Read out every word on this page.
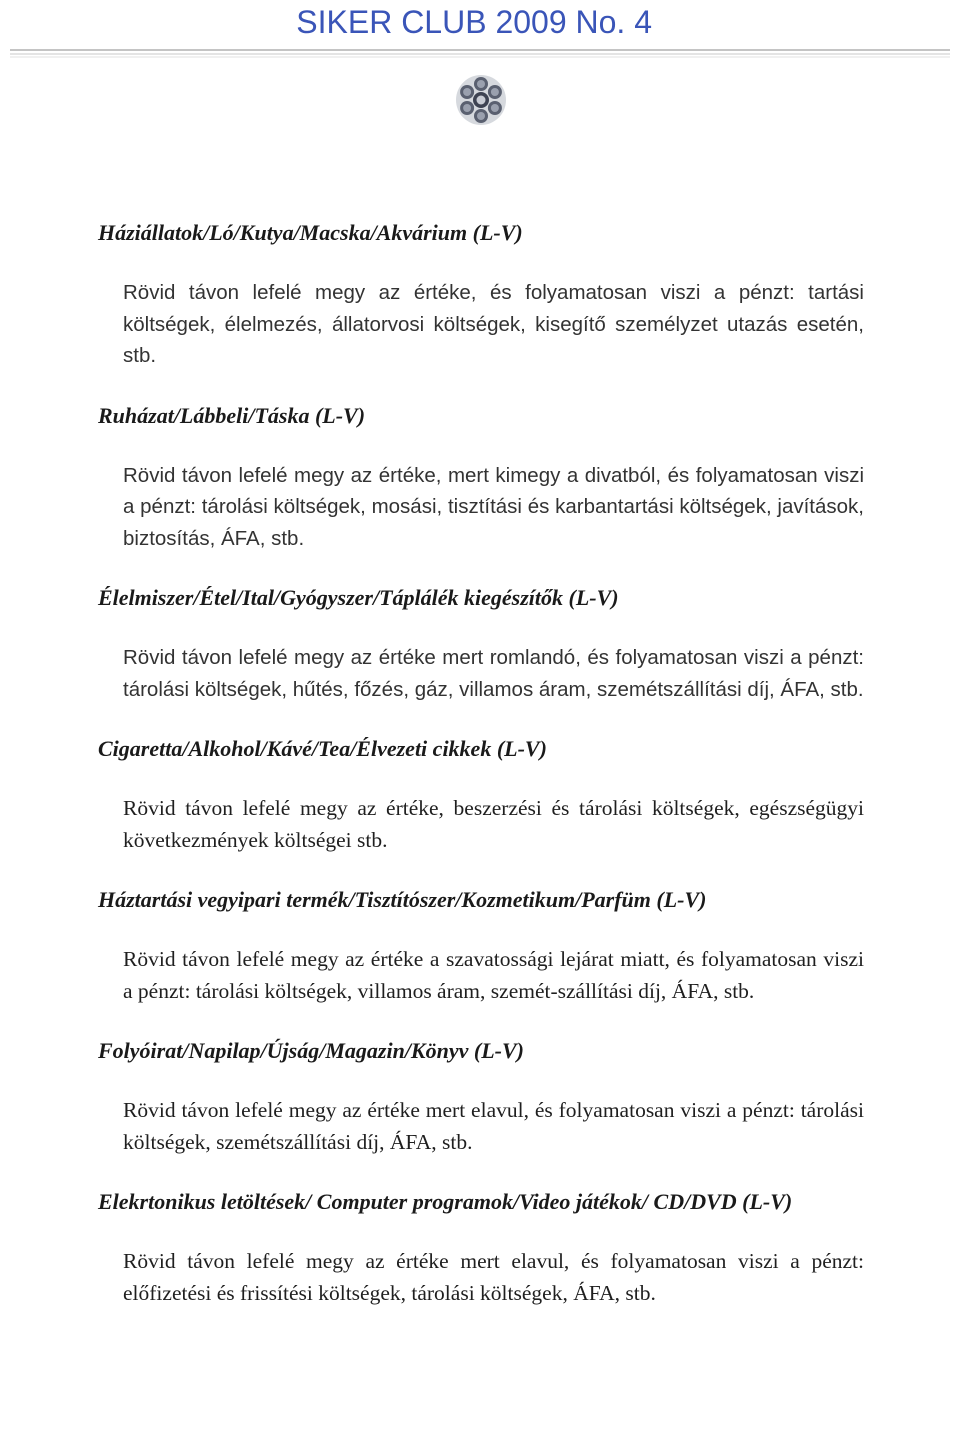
SIKER CLUB 2009 No. 4
Háziállatok/Ló/Kutya/Macska/Akvárium (L-V)
Rövid távon lefelé megy az értéke, és folyamatosan viszi a pénzt: tartási költségek, élelmezés, állatorvosi költségek, kisegítő személyzet utazás esetén, stb.
Ruházat/Lábbeli/Táska (L-V)
Rövid távon lefelé megy az értéke, mert kimegy a divatból, és folyamatosan viszi a pénzt: tárolási költségek, mosási, tisztítási és karbantartási költségek, javítások, biztosítás, ÁFA, stb.
Élelmiszer/Étel/Ital/Gyógyszer/Táplálék kiegészítők (L-V)
Rövid távon lefelé megy az értéke mert romlandó, és folyamatosan viszi a pénzt: tárolási költségek, hűtés, főzés, gáz, villamos áram, szemétszállítási díj, ÁFA, stb.
Cigaretta/Alkohol/Kávé/Tea/Élvezeti cikkek (L-V)
Rövid távon lefelé megy az értéke, beszerzési és tárolási költségek, egészségügyi következmények költségei stb.
Háztartási vegyipari termék/Tisztítószer/Kozmetikum/Parfüm (L-V)
Rövid távon lefelé megy az értéke a szavatossági lejárat miatt, és folyamatosan viszi a pénzt: tárolási költségek, villamos áram, szemét-szállítási díj, ÁFA, stb.
Folyóirat/Napilap/Újság/Magazin/Könyv (L-V)
Rövid távon lefelé megy az értéke mert elavul, és folyamatosan viszi a pénzt: tárolási költségek, szemétszállítási díj, ÁFA, stb.
Elekrtonikus letöltések/ Computer programok/Video játékok/ CD/DVD (L-V)
Rövid távon lefelé megy az értéke mert elavul, és folyamatosan viszi a pénzt: előfizetési és frissítési költségek, tárolási költségek, ÁFA, stb.
